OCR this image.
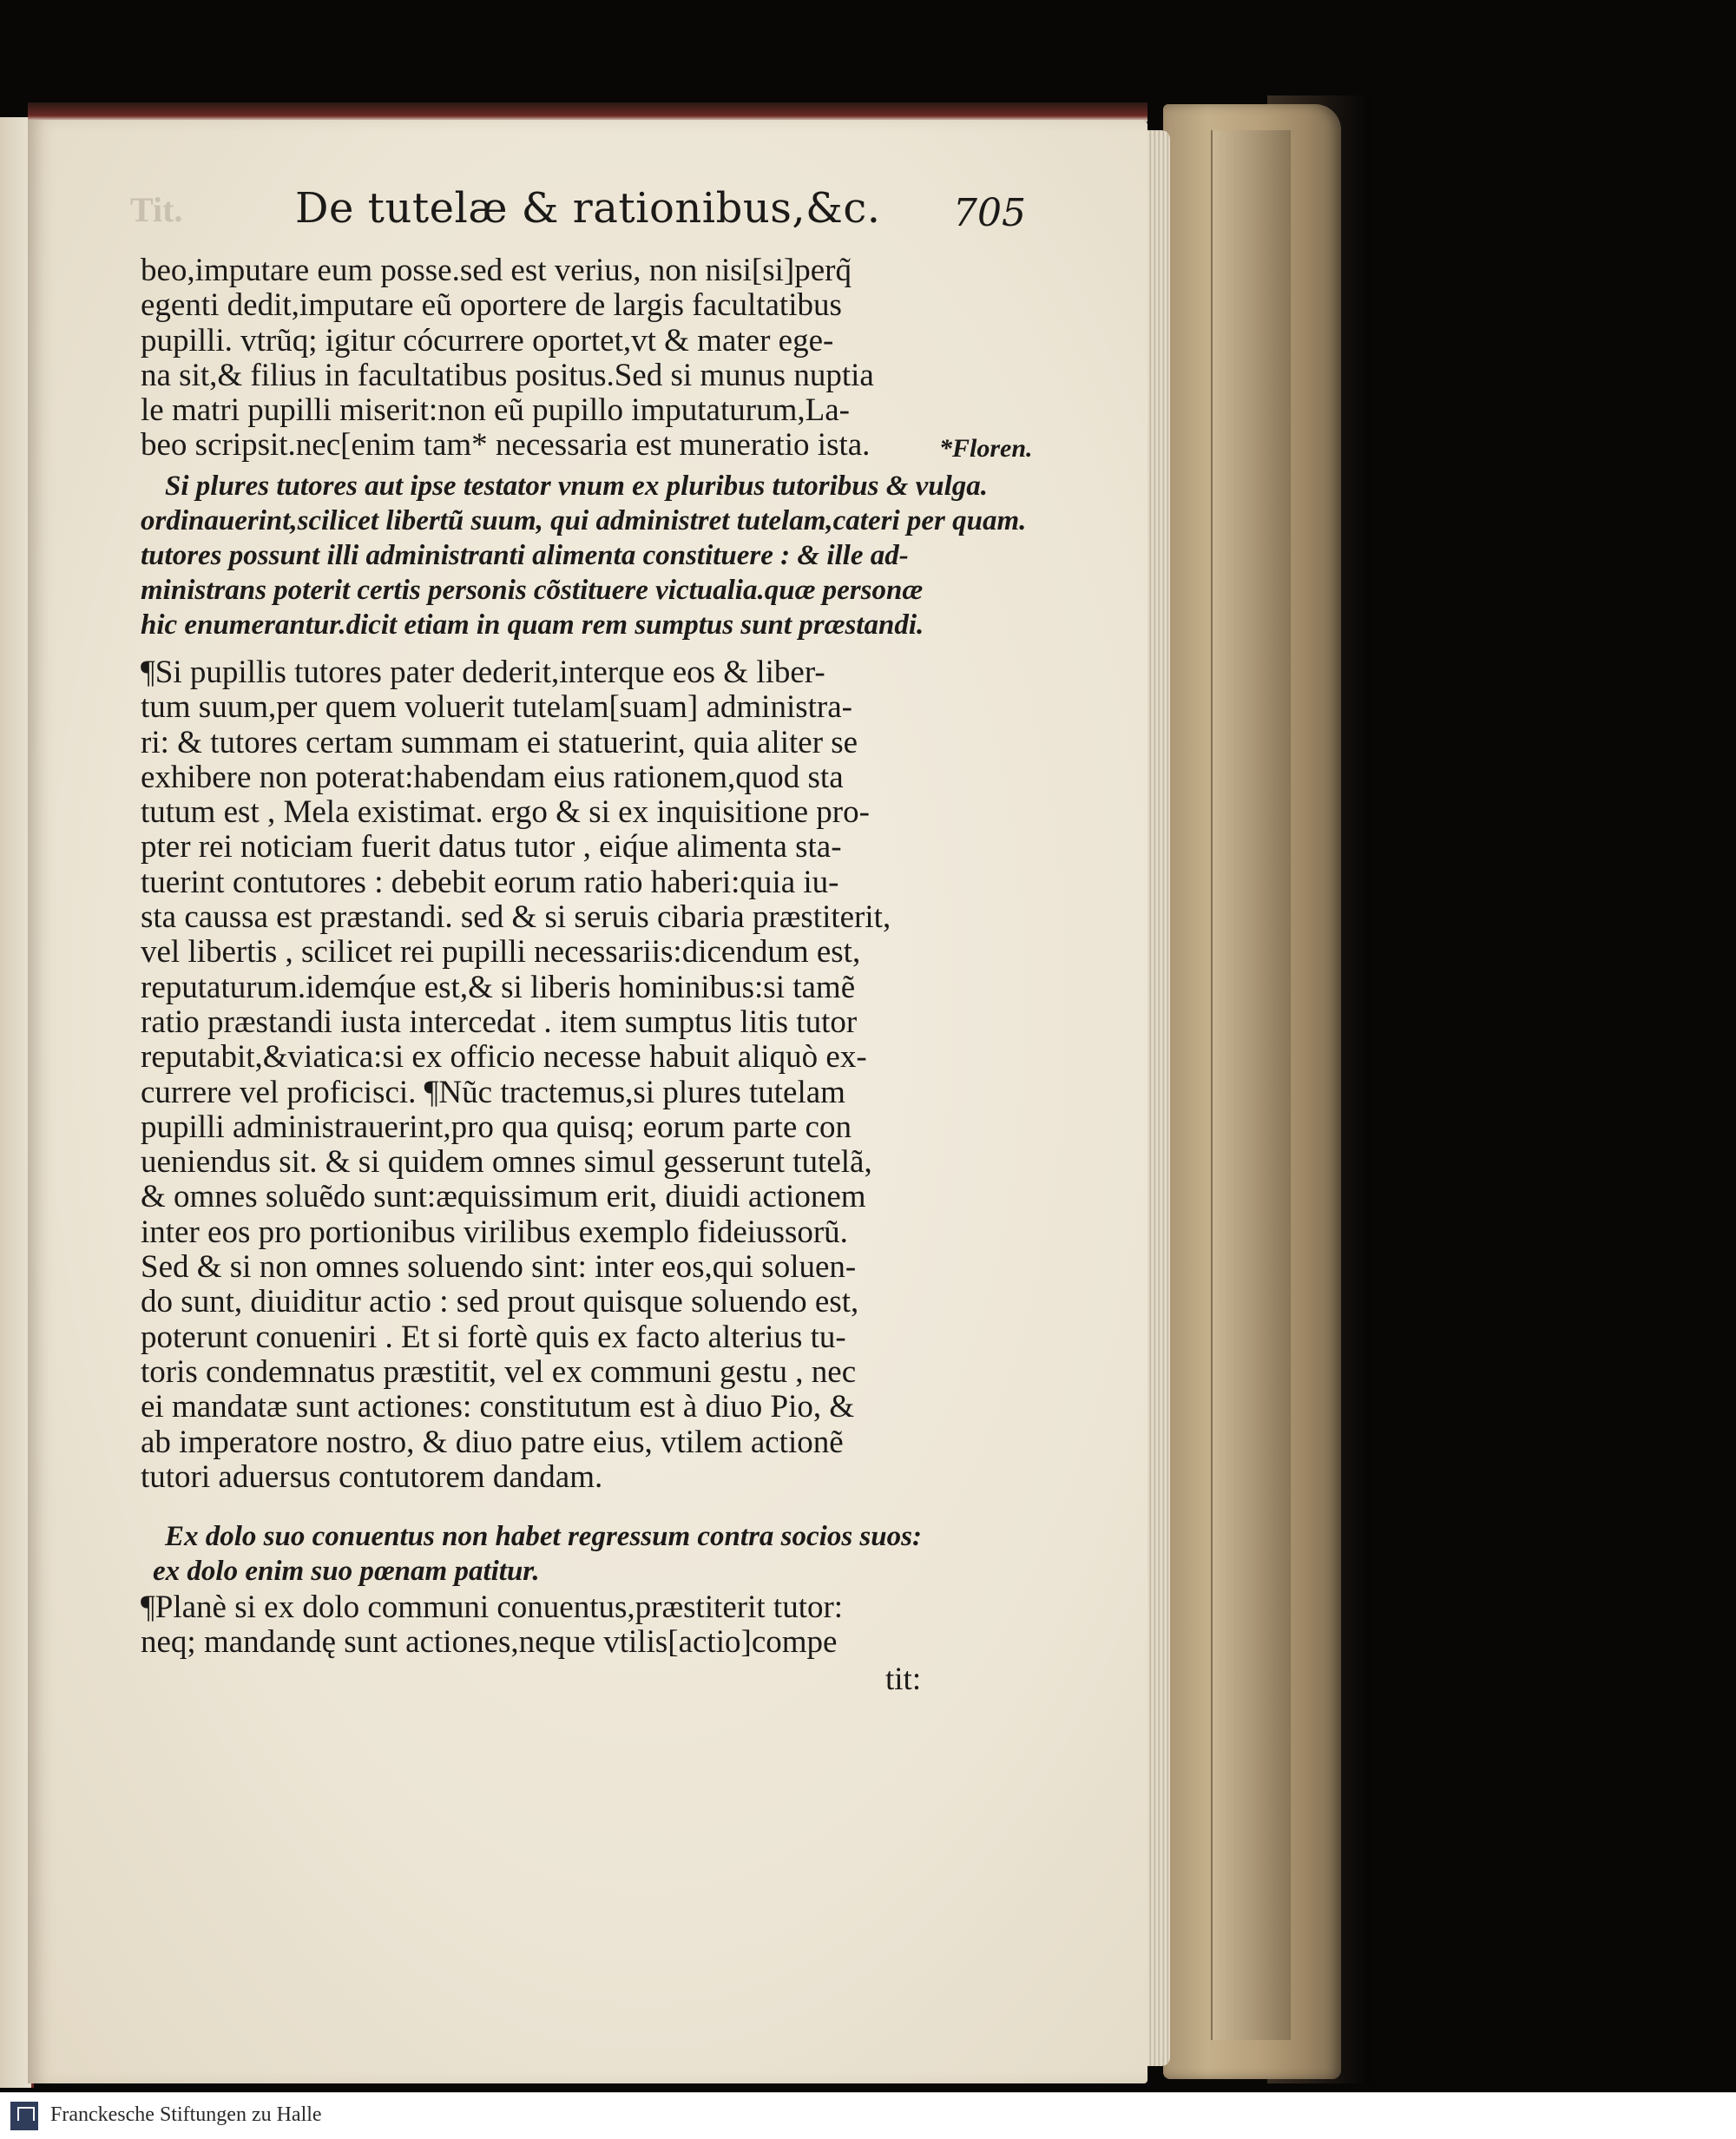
Tit.	De tutelæ & rationibus,&c. 705
beo,imputare eum posse.sed est verius, non nisi[si]perq̃
egenti dedit,imputare eũ oportere de largis facultatibus
pupilli. vtrũq; igitur cócurrere oportet,vt & mater ege-
na sit,& filius in facultatibus positus.Sed si munus nuptia
le matri pupilli miserit:non eũ pupillo imputaturum,La-
beo scripsit.nec[enim tam* necessaria est muneratio ista.	*Floren.
Si plures tutores aut ipse testator vnum ex pluribus tutoribus & vulga.
ordinauerint,scilicet libertũ suum, qui administret tutelam,cateri per quam.
tutores possunt illi administranti alimenta constituere : & ille ad-
ministrans poterit certis personis cõstituere victualia.quæ personæ
hic enumerantur.dicit etiam in quam rem sumptus sunt præstandi.
¶Si pupillis tutores pater dederit,interque eos & liber-
tum suum,per quem voluerit tutelam[suam] administra-
ri: & tutores certam summam ei statuerint, quia aliter se
exhibere non poterat:habendam eius rationem,quod sta
tutum est , Mela existimat. ergo & si ex inquisitione pro-
pter rei noticiam fuerit datus tutor , eiq́ue alimenta sta-
tuerint contutores : debebit eorum ratio haberi:quia iu-
sta caussa est præstandi. sed & si seruis cibaria præstiterit,
vel libertis , scilicet rei pupilli necessariis:dicendum est,
reputaturum.idemq́ue est,& si liberis hominibus:si tamẽ
ratio præstandi iusta intercedat . item sumptus litis tutor
reputabit,&viatica:si ex officio necesse habuit aliquò ex-
currere vel proficisci. ¶Nũc tractemus,si plures tutelam
pupilli administrauerint,pro qua quisq; eorum parte con
ueniendus sit. & si quidem omnes simul gesserunt tutelã,
& omnes soluẽdo sunt:æquissimum erit, diuidi actionem
inter eos pro portionibus virilibus exemplo fideiussorũ.
Sed & si non omnes soluendo sint: inter eos,qui soluen-
do sunt, diuiditur actio : sed prout quisque soluendo est,
poterunt conueniri . Et si fortè quis ex facto alterius tu-
toris condemnatus præstitit, vel ex communi gestu , nec
ei mandatæ sunt actiones: constitutum est à diuo Pio, &
ab imperatore nostro, & diuo patre eius, vtilem actionẽ
tutori aduersus contutorem dandam.
Ex dolo suo conuentus non habet regressum contra socios suos:
ex dolo enim suo pœnam patitur.
¶Planè si ex dolo communi conuentus,præstiterit tutor:
neq; mandandę sunt actiones,neque vtilis[actio]compe
tit:
Franckesche Stiftungen zu Halle
